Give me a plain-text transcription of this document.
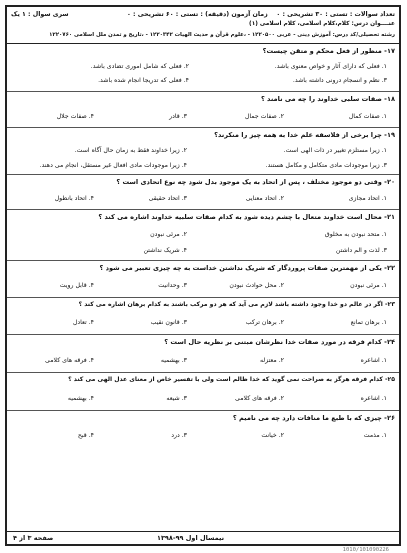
سری سوال : ۱ یک	زمان آزمون (دقیقه) : تستی : ۶۰ تشریحی : ۰ تعداد سوالات : تستی : ۳۰ تشریحی : ۰
عنــــوان درس: کلام،کلام اسلامی، کلام اسلامی (۱)
رشته تحصیلی/کد درس: آموزش دینی - عربی ۱۲۲۰۵۰۰ - ،علوم قرآن و حدیث الهیات ۱۲۲۰۳۴۲ - ،تاریخ و تمدن ملل اسلامی ۱۲۲۰۷۶۰
۱۷- منظور از فعل محکم و متقن چیست؟
۱. فعلی که دارای آثار و خواص معنوی باشد.
۲. فعلی که شامل اموری تضادی باشد.
۳. نظم و انسجام درونی داشته باشد.
۴. فعلی که تدریجا انجام شده باشد.
۱۸- صفات سلبی خداوند را چه می نامند ؟
۱. صفات کمال
۲. صفات جمال
۳. قادر
۴. صفات جلال
۱۹- چرا برخی از فلاسفه علم خدا به همه چیز را منکرند؟
۱. زیرا مستلزم تغییر در ذات الهی است.
۲. زیرا خداوند فقط به زمان حال آگاه است.
۳. زیرا موجودات مادی متکامل و مکامل هستند.
۴. زیرا موجودات مادی افعال غیر مستقل، انجام می دهند.
۲۰- وقتی دو موجود مختلف ، پس از اتحاد به یک موجود بدل شود چه نوع اتحادی است ؟
۱. اتحاد مجازی
۲. اتحاد معنایی
۳. اتحاد حقیقی
۴. اتحاد بانطول
۲۱- محال است خداوند متعال با چشم دیده شود به کدام صفات سلبیه خداوند اشاره می کند ؟
۱. متحد نبودن به مخلوق
۲. مرئی نبودن
۳. لذت و الم داشتن
۴. شریک نداشتن
۲۲- یکی از مهمترین صفات پروردگار که شریک نداشتن خداست به چه چیزی تعبیر می شود ؟
۱. مرئی نبودن
۲. محل حوادث نبودن
۳. وحدانیت
۴. قابل رویت
۲۳- اگر در عالم دو خدا وجود داشته باشد لازم می آید که هر دو مرکب باشند به کدام برهان اشاره می کند ؟
۱. برهان تمانع
۲. برهان ترکب
۳. قانون نقیب
۴. تعادل
۲۴- کدام فرقه در مورد صفات خدا نظرشان مبتنی بر نظریه حال است ؟
۱. اشاعره
۲. معتزله
۳. بهشمیه
۴. فرقه های کلامی
۲۵- کدام فرقه هرگز به صراحت نمی گوید که خدا ظالم است ولی با تفسیر خاص از معنای عدل الهی می کند ؟
۱. اشاعره
۲. فرقه های کلامی
۳. شیعه
۴. بهشمیه
۲۶- چیزی که با طبع ما منافات دارد چه می نامیم ؟
۱. مذمت
۲. خیانت
۳. درد
۴. قبح
صفحه ۳ از ۴	نیمسال اول ۹۹-۱۳۹۸
1010/101090226
